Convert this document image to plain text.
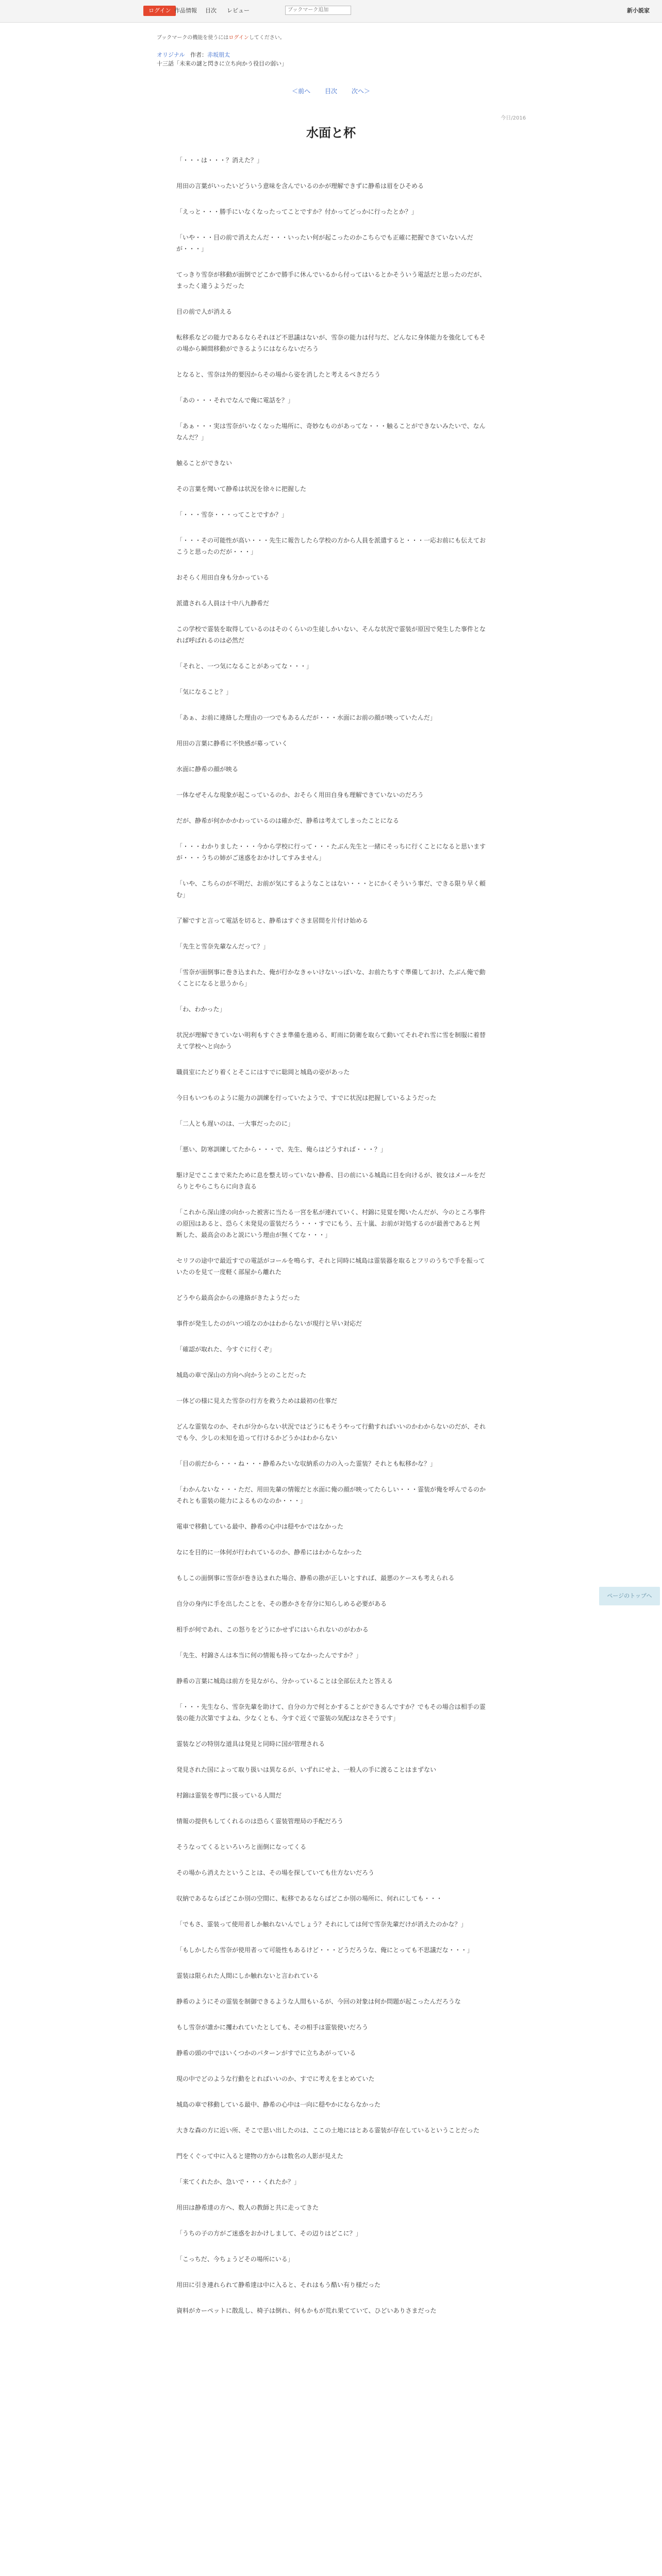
ログイン 作品情報 目次 レビュー
ブックマーク追加	新小説家
ブックマークの機能を使うにはログインしてください。
オリジナル 作者：赤坂朋太
十三話「未来の謎と閃きに立ち向かう役目の弱い」
＜前へ 目次 次へ＞
今日/2016
水面と杯

「・・・は・・・？消えた？」

用田の言葉がいったいどういう意味を含んでいるのかが理解できずに静希は眉をひそめる

「えっと・・・勝手にいなくなったってことですか？付かってどっかに行ったとか？」

「いや・・・目の前で消えたんだ・・・いったい何が起こったのかこちらでも正確に把握できていないんだが・・・」

てっきり雪奈が移動が面倒でどこかで勝手に休んでいるから付ってはいるとかそういう電話だと思ったのだが、まったく違うようだった

目の前で人が消える

転移系などの能力であるならそれほど不思議はないが、雪奈の能力は付与だ、どんなに身体能力を強化してもその場から瞬間移動ができるようにはならないだろう

となると、雪奈は外的要因からその場から姿を消したと考えるべきだろう

「あの・・・それでなんで俺に電話を？」

「あぁ・・・実は雪奈がいなくなった場所に、奇妙なものがあってな・・・触ることができないみたいで、なんなんだ？」

触ることができない

その言葉を聞いて静希は状況を徐々に把握した

「・・・雪奈・・・ってことですか？」

「・・・その可能性が高い・・・先生に報告したら学校の方から人員を派遣すると・・・一応お前にも伝えておこうと思ったのだが・・・」

おそらく用田自身も分かっている

派遣される人員は十中八九静希だ

この学校で霊装を取得しているのはそのくらいの生徒しかいない、そんな状況で霊装が原因で発生した事件となれば呼ばれるのは必然だ

「それと、一つ気になることがあってな・・・」

「気になること？」

「あぁ、お前に連絡した理由の一つでもあるんだが・・・水面にお前の顔が映っていたんだ」

用田の言葉に静希に不快感が募っていく

水面に静希の顔が映る

一体なぜそんな現象が起こっているのか、おそらく用田自身も理解できていないのだろう

だが、静希が何かかかわっているのは確かだ、静希は考えてしまったことになる

「・・・わかりました・・・今から学校に行って・・・たぶん先生と一緒にそっちに行くことになると思いますが・・・うちの姉がご迷惑をおかけしてすみません」

「いや、こちらのが不明だ、お前が気にするようなことはない・・・とにかくそういう事だ、できる限り早く頼む」

了解ですと言って電話を切ると、静希はすぐさま居間を片付け始める

「先生と雪奈先輩なんだって？」

「雪奈が面倒事に巻き込まれた、俺が行かなきゃいけないっぽいな、お前たちすぐ準備しておけ、たぶん俺で動くことになると思うから」

「わ、わかった」

状況が理解できていない明利もすぐさま準備を進める、町雨に防衛を取らて動いてそれぞれ雪に雪を制服に着替えて学校へと向かう

職員室にたどり着くとそこにはすでに聡岡と城島の姿があった

今日もいつものように能力の訓練を行っていたようで、すでに状況は把握しているようだった

「二人とも遅いのは、一大事だったのに」

「悪い、防寒訓練してたから・・・で、先生、俺らはどうすれば・・・？」

駆け足でここまで来たために息を整え切っていない静希、目の前にいる城島に目を向けるが、彼女はメールをだらりとやらこちらに向き直る

「これから深山達の向かった被害に当たる一宮を私が連れていく、村錦に見覚を聞いたんだが、今のところ事件の原因はあると、恐らく未発見の霊装だろう・・・すでにもう、五十嵐、お前が対処するのが最善であると判断した、最高会のあと説にいう理由が無くてな・・・」

セリフの途中で最近すでの電話がコールを鳴らす、それと同時に城島は霊装器を取るとフリのうちで手を振っていたのを見て一度軽く部屋から離れた

どうやら最高会からの連絡がきたようだった

事件が発生したのがいつ頃なのかはわからないが現行と早い対応だ

「確認が取れた、今すぐに行くぞ」

城島の車で深山の方向へ向かうとのことだった

一体どの様に見えた雪奈の行方を救うためは最初の仕事だ

どんな霊装なのか、それが分からない状況ではどうにもそうやって行動すればいいのかわからないのだが、それでも今、少しの未知を追って行けるかどうかはわからない

「目の前だから・・・ね・・・静希みたいな収納系の力の入った霊装？それとも転移かな？」

「わかんないな・・・ただ、用田先輩の情報だと水面に俺の顔が映ってたらしい・・・霊装が俺を呼んでるのかそれとも霊装の能力によるものなのか・・・」

電車で移動している最中、静希の心中は穏やかではなかった

なにを目的に一体何が行われているのか、静希にはわからなかった

もしこの面倒事に雪奈が巻き込まれた場合、静希の勘が正しいとすれば、最悪のケースも考えられる

自分の身内に手を出したことを、その愚かさを存分に知らしめる必要がある

相手が何であれ、この怒りをどうにかせずにはいられないのがわかる

「先生、村錦さんは本当に何の情報も持ってなかったんですか？」

静希の言葉に城島は前方を見ながら、分かっていることは全部伝えたと答える

「・・・先生なら、雪奈先輩を助けて、自分の力で何とかすることができるんですか？でもその場合は相手の霊装の能力次第ですよね、少なくとも、今すぐ近くで霊装の気配はなさそうです」

霊装などの特別な道具は発見と同時に国が管理される

発見された国によって取り扱いは異なるが、いずれにせよ、一般人の手に渡ることはまずない

村錦は霊装を専門に扱っている人間だ

情報の提供もしてくれるのは恐らく霊装管理局の手配だろう

そうなってくるといろいろと面倒になってくる

その場から消えたということは、その場を探していても仕方ないだろう

収納であるならばどこか別の空間に、転移であるならばどこか別の場所に、何れにしても・・・

「でもさ、霊装って使用者しか触れないんでしょう？それにしては何で雪奈先輩だけが消えたのかな？」

「もしかしたら雪奈が使用者って可能性もあるけど・・・どうだろうな、俺にとっても不思議だな・・・」

霊装は限られた人間にしか触れないと言われている

静希のようにその霊装を制御できるような人間もいるが、今回の対象は何か問題が起こったんだろうな

もし雪奈が誰かに攫われていたとしても、その相手は霊装使いだろう

静希の頭の中ではいくつかのパターンがすでに立ちあがっている

現の中でどのような行動をとればいいのか、すでに考えをまとめていた

城島の車で移動している最中、静希の心中は一向に穏やかにならなかった

大きな森の方に近い所、そこで思い出したのは、ここの土地にはとある霊装が存在しているということだった

門をくぐって中に入ると建物の方からは数名の人影が見えた

「来てくれたか、急いで・・・くれたか？」

用田は静希達の方へ、数人の教師と共に走ってきた

「うちの子の方がご迷惑をおかけしまして、その辺りはどこに？」

「こっちだ、今ちょうどその場所にいる」

用田に引き連れられて静希達は中に入ると、それはもう酷い有り様だった

資料がカーペットに散乱し、椅子は倒れ、何もかもが荒れ果てていて、ひどいありさまだった

ページのトップへ
